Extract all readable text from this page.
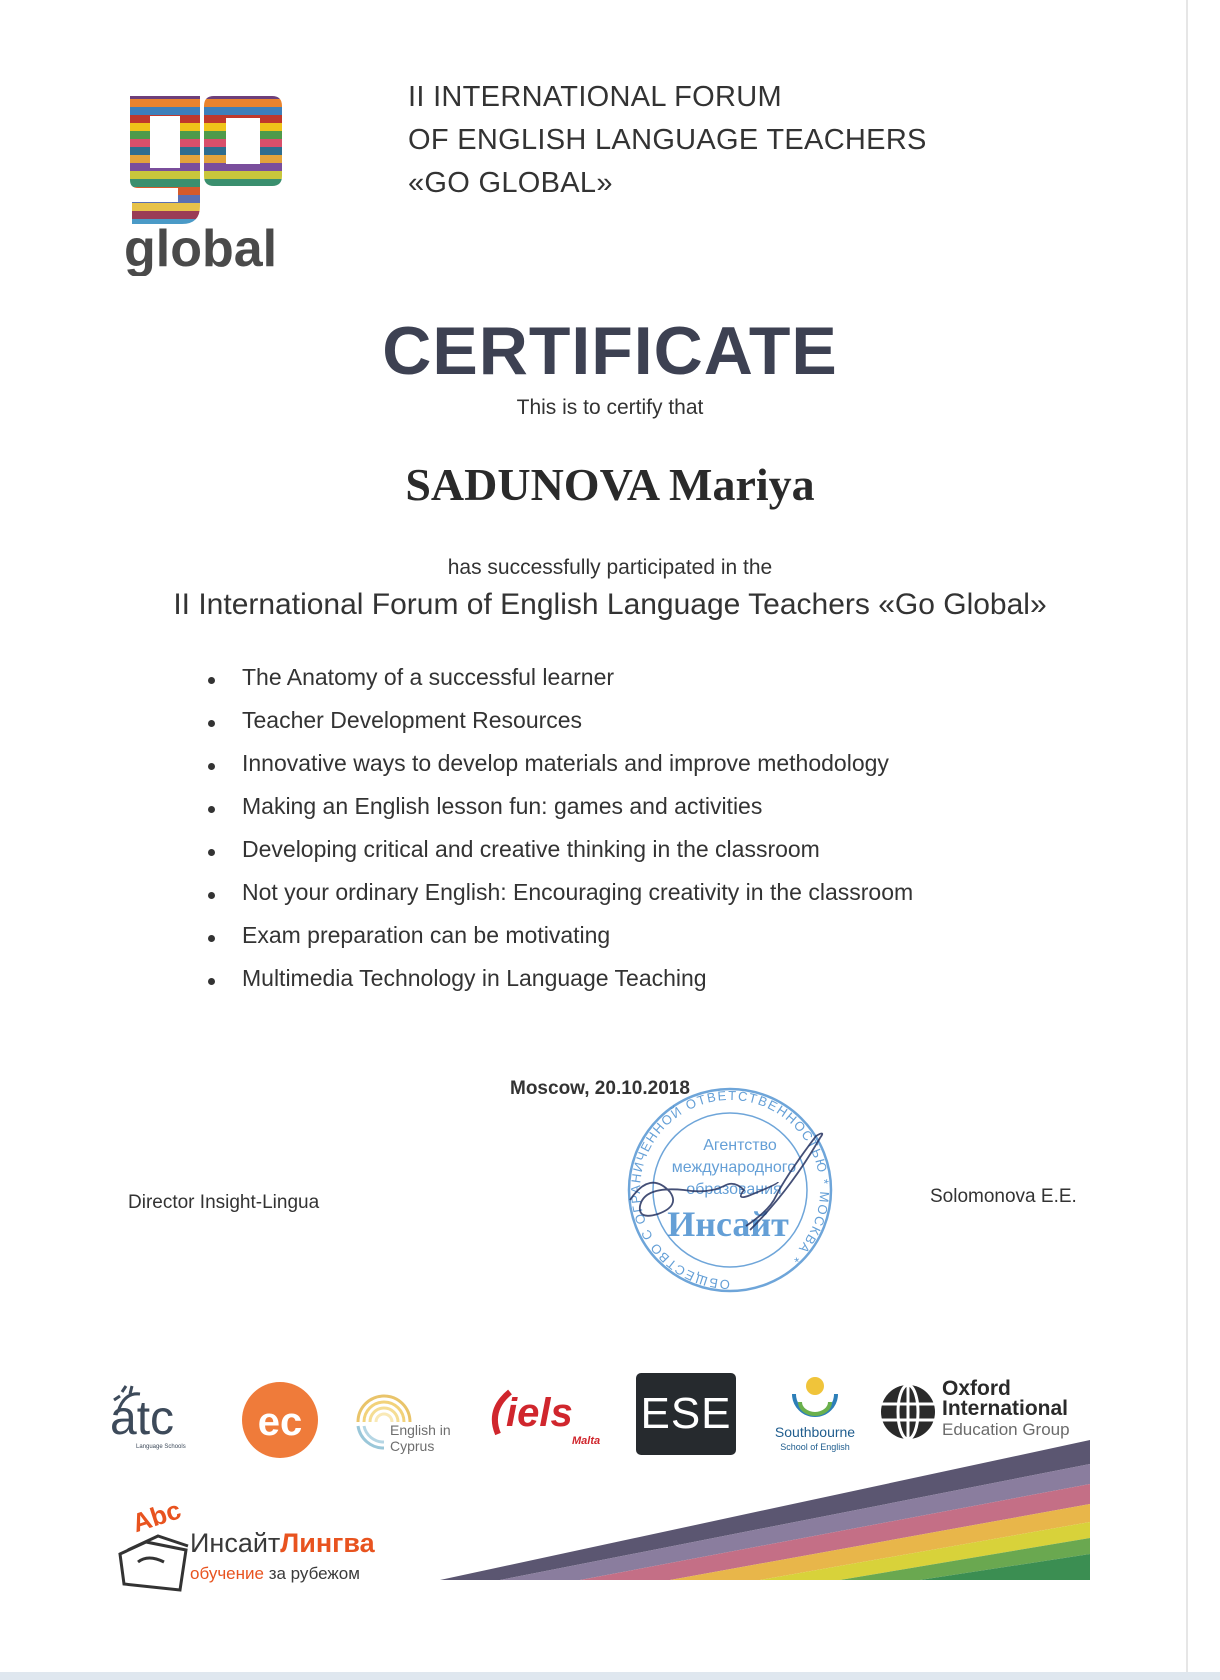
global
II INTERNATIONAL FORUM
OF ENGLISH LANGUAGE TEACHERS
«GO GLOBAL»
CERTIFICATE
This is to certify that
SADUNOVA Mariya
has successfully participated in the
II International Forum of English Language Teachers «Go Global»
The Anatomy of a successful learner
Teacher Development Resources
Innovative ways to develop materials and improve methodology
Making an English lesson fun: games and activities
Developing critical and creative thinking in the classroom
Not your ordinary English: Encouraging creativity in the classroom
Exam preparation can be motivating
Multimedia Technology in Language Teaching
Director Insight-Lingua	Solomonova E.E.
ОБЩЕСТВО С ОГРАНИЧЕННОЙ ОТВЕТСТВЕННОСТЬЮ * МОСКВА *
Агентство
международного
образования
Инсайт
Moscow, 20.10.2018
atc
Language Schools
ec	English in
Cyprus
iels
Malta
ESE	Southbourne
School of English
Oxford
International
Education Group
Abc
ИнсайтЛингва
обучение за рубежом
